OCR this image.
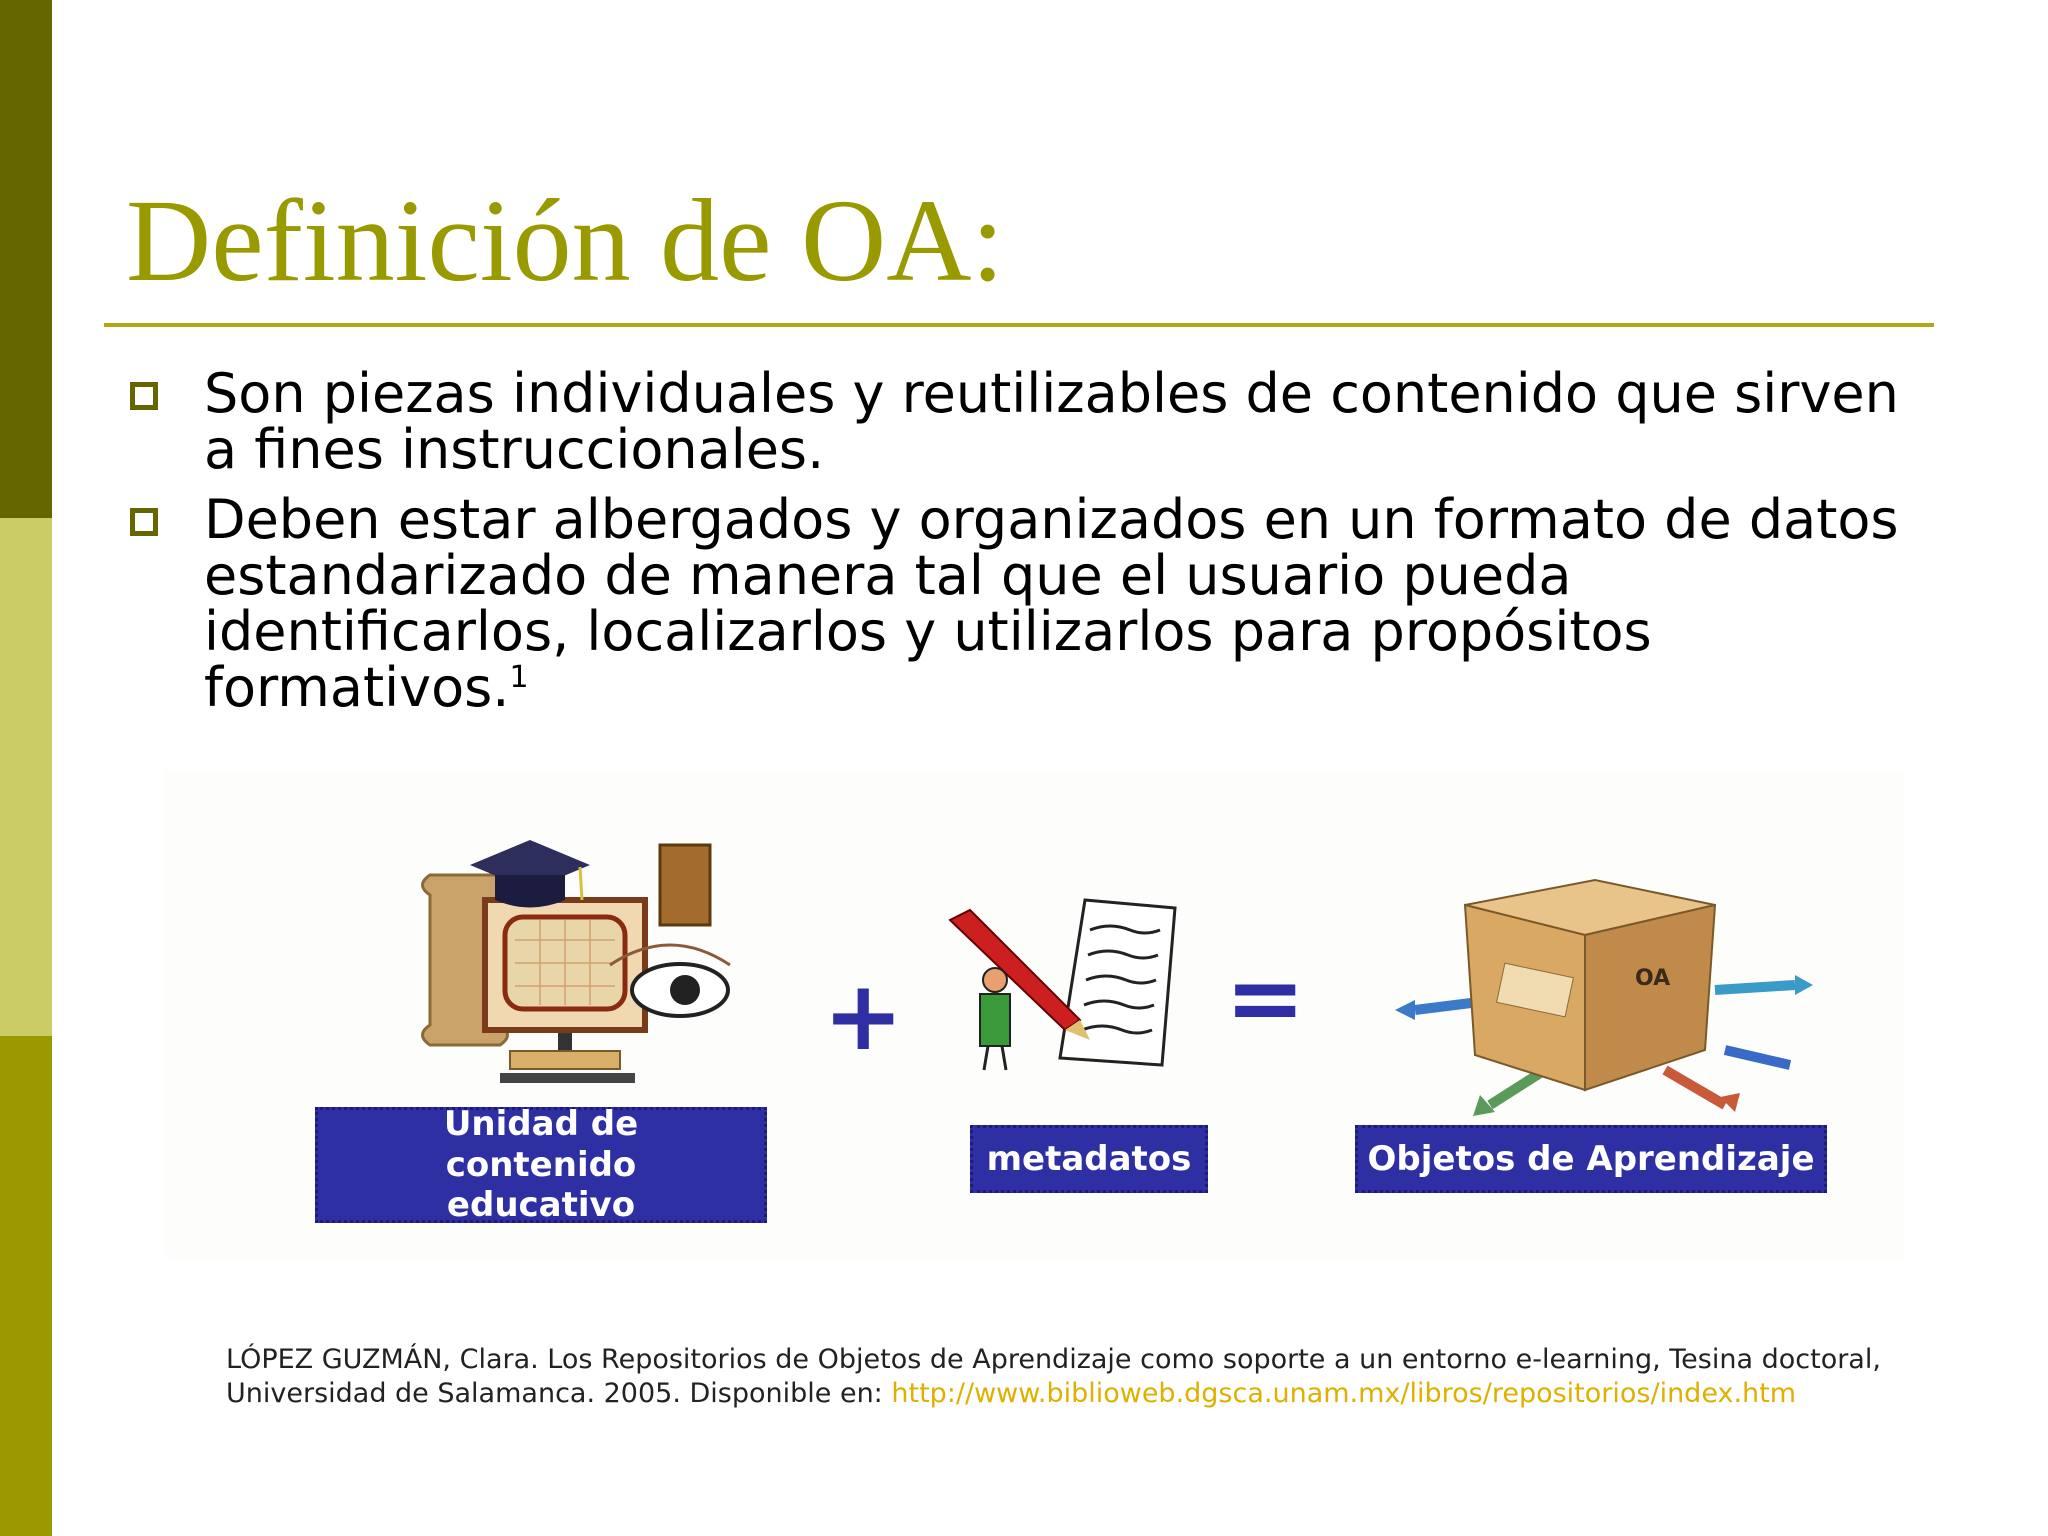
Definición de OA:

Son piezas individuales y reutilizables de contenido que sirven a fines instruccionales.

Deben estar albergados y organizados en un formato de datos estandarizado de manera tal que el usuario pueda identificarlos, localizarlos y utilizarlos para propósitos formativos.$^1$

Unidad de contenido educativo
+
metadatos
=	OA
Objetos de Aprendizaje
LÓPEZ GUZMÁN, Clara. Los Repositorios de Objetos de Aprendizaje como soporte a un entorno e-learning, Tesina doctoral, Universidad de Salamanca. 2005. Disponible en: http://www.biblioweb.dgsca.unam.mx/libros/repositorios/index.htm
